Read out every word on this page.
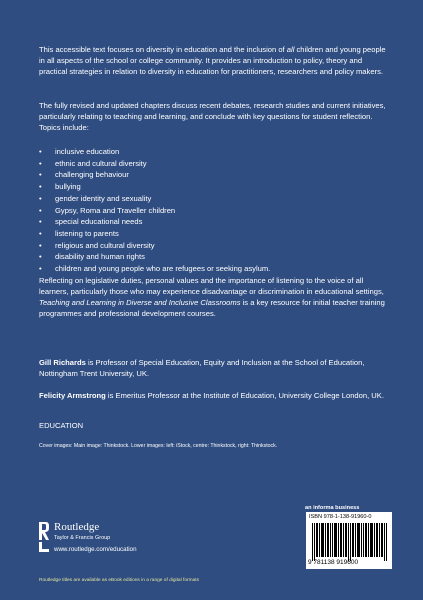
This accessible text focuses on diversity in education and the inclusion of all children and young people in all aspects of the school or college community. It provides an introduction to policy, theory and practical strategies in relation to diversity in education for practitioners, researchers and policy makers.

The fully revised and updated chapters discuss recent debates, research studies and current initiatives, particularly relating to teaching and learning, and conclude with key questions for student reflection. Topics include:

• inclusive education
• ethnic and cultural diversity
• challenging behaviour
• bullying
• gender identity and sexuality
• Gypsy, Roma and Traveller children
• special educational needs
• listening to parents
• religious and cultural diversity
• disability and human rights
• children and young people who are refugees or seeking asylum.

Reflecting on legislative duties, personal values and the importance of listening to the voice of all learners, particularly those who may experience disadvantage or discrimination in educational settings, Teaching and Learning in Diverse and Inclusive Classrooms is a key resource for initial teacher training programmes and professional development courses.

Gill Richards is Professor of Special Education, Equity and Inclusion at the School of Education, Nottingham Trent University, UK.

Felicity Armstrong is Emeritus Professor at the Institute of Education, University College London, UK.

EDUCATION
Cover images: Main image: Thinkstock. Lower images: left: iStock, centre: Thinkstock, right: Thinkstock.
Routledge
Taylor & Francis Group
www.routledge.com/education
an informa business
ISBN 978-1-138-91960-0
9 781138 919600
Routledge titles are available as eBook editions in a range of digital formats
